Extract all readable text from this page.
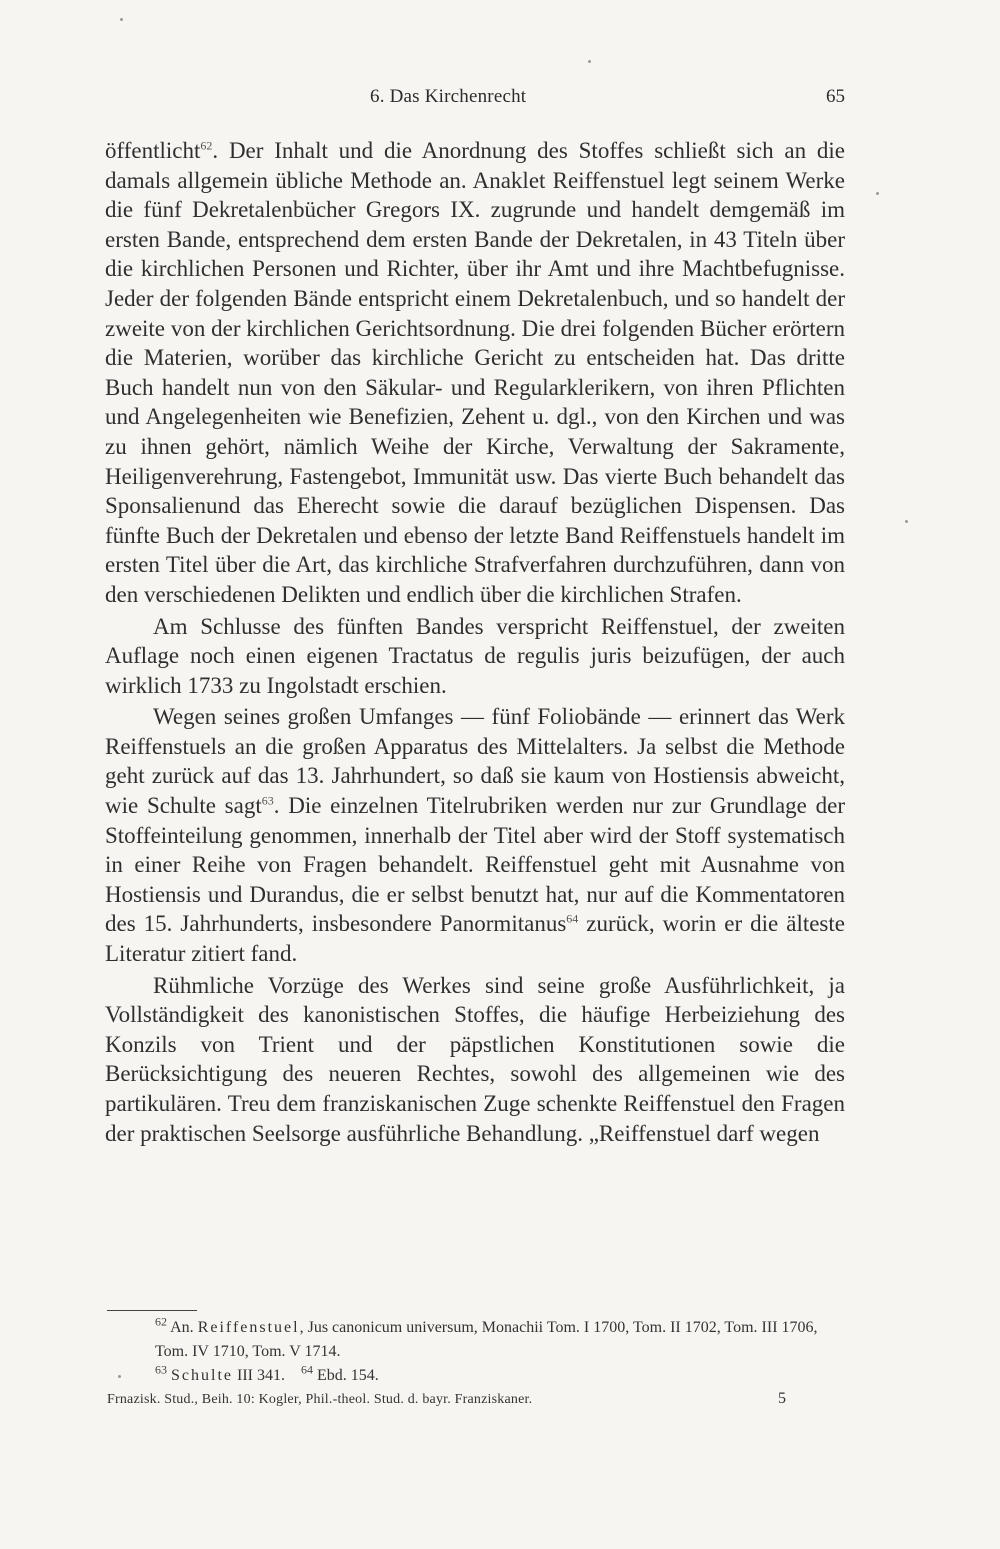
6. Das Kirchenrecht	65

öffentlicht$^{62}$. Der Inhalt und die Anordnung des Stoffes schließt sich an die damals allgemein übliche Methode an. Anaklet Reiffenstuel legt seinem Werke die fünf Dekretalenbücher Gregors IX. zugrunde und handelt demgemäß im ersten Bande, entsprechend dem ersten Bande der Dekretalen, in 43 Titeln über die kirchlichen Personen und Richter, über ihr Amt und ihre Machtbefugnisse. Jeder der folgenden Bände entspricht einem Dekretalenbuch, und so handelt der zweite von der kirchlichen Gerichtsordnung. Die drei folgenden Bücher erörtern die Materien, worüber das kirchliche Gericht zu entscheiden hat. Das dritte Buch handelt nun von den Säkular- und Regularklerikern, von ihren Pflichten und Angelegenheiten wie Benefizien, Zehent u. dgl., von den Kirchen und was zu ihnen gehört, nämlich Weihe der Kirche, Verwaltung der Sakramente, Heiligenverehrung, Fastengebot, Immunität usw. Das vierte Buch behandelt das Sponsalienund das Eherecht sowie die darauf bezüglichen Dispensen. Das fünfte Buch der Dekretalen und ebenso der letzte Band Reiffenstuels handelt im ersten Titel über die Art, das kirchliche Strafverfahren durchzuführen, dann von den verschiedenen Delikten und endlich über die kirchlichen Strafen.

Am Schlusse des fünften Bandes verspricht Reiffenstuel, der zweiten Auflage noch einen eigenen Tractatus de regulis juris beizufügen, der auch wirklich 1733 zu Ingolstadt erschien.

Wegen seines großen Umfanges — fünf Foliobände — erinnert das Werk Reiffenstuels an die großen Apparatus des Mittelalters. Ja selbst die Methode geht zurück auf das 13. Jahrhundert, so daß sie kaum von Hostiensis abweicht, wie Schulte sagt$^{63}$. Die einzelnen Titelrubriken werden nur zur Grundlage der Stoffeinteilung genommen, innerhalb der Titel aber wird der Stoff systematisch in einer Reihe von Fragen behandelt. Reiffenstuel geht mit Ausnahme von Hostiensis und Durandus, die er selbst benutzt hat, nur auf die Kommentatoren des 15. Jahrhunderts, insbesondere Panormitanus$^{64}$ zurück, worin er die älteste Literatur zitiert fand.

Rühmliche Vorzüge des Werkes sind seine große Ausführlichkeit, ja Vollständigkeit des kanonistischen Stoffes, die häufige Herbeiziehung des Konzils von Trient und der päpstlichen Konstitutionen sowie die Berücksichtigung des neueren Rechtes, sowohl des allgemeinen wie des partikulären. Treu dem franziskanischen Zuge schenkte Reiffenstuel den Fragen der praktischen Seelsorge ausführliche Behandlung. „Reiffenstuel darf wegen

$^{62}$ An. Reiffenstuel, Jus canonicum universum, Monachii Tom. I 1700, Tom. II 1702, Tom. III 1706, Tom. IV 1710, Tom. V 1714.

$^{63}$ Schulte III 341. $^{64}$ Ebd. 154.

Frnazisk. Stud., Beih. 10: Kogler, Phil.-theol. Stud. d. bayr. Franziskaner.	5
